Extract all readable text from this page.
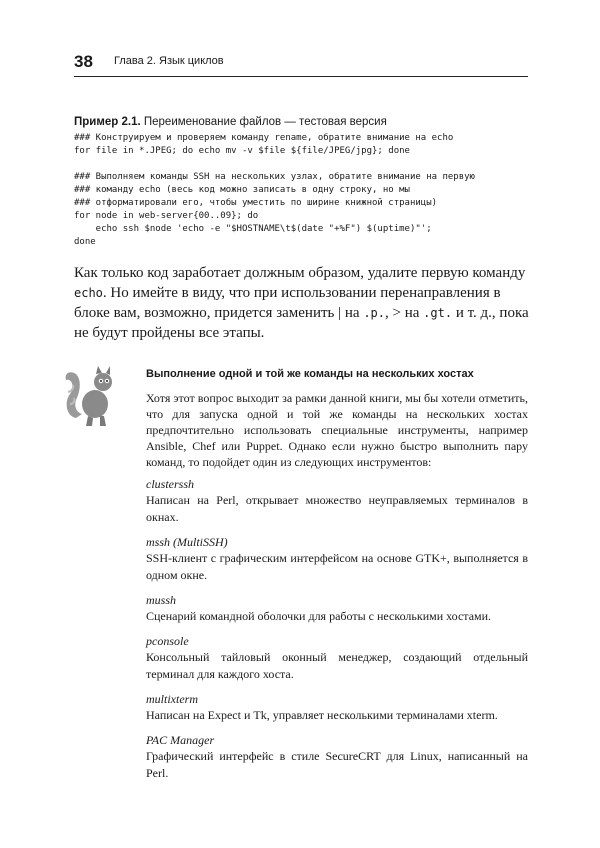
38 Глава 2. Язык циклов
Пример 2.1. Переименование файлов — тестовая версия
### Конструируем и проверяем команду rename, обратите внимание на echo
for file in *.JPEG; do echo mv -v $file ${file/JPEG/jpg}; done

### Выполняем команды SSH на нескольких узлах, обратите внимание на первую
### команду echo (весь код можно записать в одну строку, но мы
### отформатировали его, чтобы уместить по ширине книжной страницы)
for node in web-server{00..09}; do
echo ssh $node 'echo -e "$HOSTNAME\t$(date "+%F") $(uptime)"';
done

Как только код заработает должным образом, удалите первую команду echo. Но имейте в виду, что при использовании перенаправления в блоке вам, возможно, придется заменить | на .p., > на .gt. и т. д., пока не будут пройдены все этапы.

Выполнение одной и той же команды на нескольких хостах

Хотя этот вопрос выходит за рамки данной книги, мы бы хотели отметить, что для запуска одной и той же команды на нескольких хостах предпочтительно использовать специальные инструменты, например Ansible, Chef или Puppet. Однако если нужно быстро выполнить пару команд, то подойдет один из следующих инструментов:

clusterssh
Написан на Perl, открывает множество неуправляемых терминалов в окнах.
mssh (MultiSSH)
SSH-клиент с графическим интерфейсом на основе GTK+, выполняется в одном окне.
mussh
Сценарий командной оболочки для работы с несколькими хостами.
pconsole
Консольный тайловый оконный менеджер, создающий отдельный терминал для каждого хоста.
multixterm
Написан на Expect и Tk, управляет несколькими терминалами xterm.
PAC Manager
Графический интерфейс в стиле SecureCRT для Linux, написанный на Perl.
